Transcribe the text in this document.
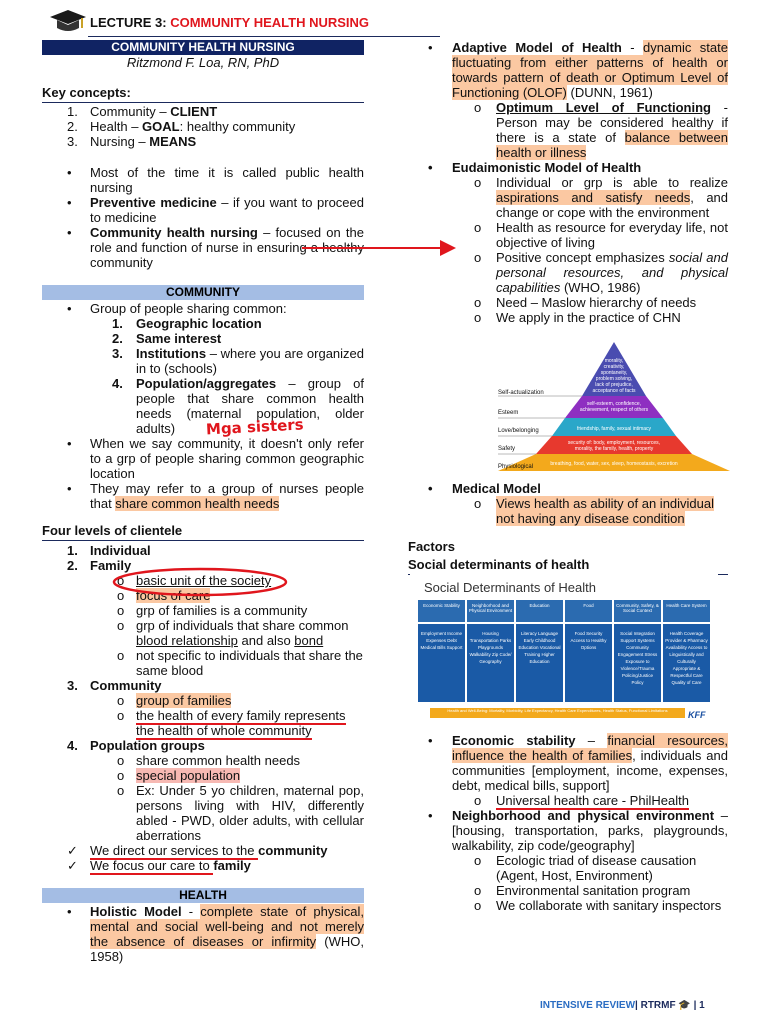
LECTURE 3: COMMUNITY HEALTH NURSING
COMMUNITY HEALTH NURSING
Ritzmond F. Loa, RN, PhD
Key concepts:
1. Community – CLIENT
2. Health – GOAL: healthy community
3. Nursing – MEANS
• Most of the time it is called public health nursing
• Preventive medicine – if you want to proceed to medicine
• Community health nursing – focused on the role and function of nurse in ensuring a healthy community
COMMUNITY
• Group of people sharing common:
1. Geographic location
2. Same interest
3. Institutions – where you are organized in to (schools)
4. Population/aggregates – group of people that share common health needs (maternal population, older adults)
• When we say community, it doesn't only refer to a grp of people sharing common geographic location
• They may refer to a group of nurses people that share common health needs
Four levels of clientele
1. Individual
2. Family
o basic unit of the society
o focus of care
o grp of families is a community
o grp of individuals that share common blood relationship and also bond
o not specific to individuals that share the same blood
3. Community
o group of families
o the health of every family represents the health of whole community
4. Population groups
o share common health needs
o special population
o Ex: Under 5 yo children, maternal pop, persons living with HIV, differently abled - PWD, older adults, with cellular aberrations
✓ We direct our services to the community
✓ We focus our care to family
HEALTH
• Holistic Model - complete state of physical, mental and social well-being and not merely the absence of diseases or infirmity (WHO, 1958)
Mga sisters
• Adaptive Model of Health - dynamic state fluctuating from either patterns of health or towards pattern of death or Optimum Level of Functioning (OLOF) (DUNN, 1961)
o Optimum Level of Functioning - Person may be considered healthy if there is a state of balance between health or illness
• Eudaimonistic Model of Health
o Individual or grp is able to realize aspirations and satisfy needs, and change or cope with the environment
o Health as resource for everyday life, not objective of living
o Positive concept emphasizes social and personal resources, and physical capabilities (WHO, 1986)
o Need – Maslow hierarchy of needs
o We apply in the practice of CHN
morality,
creativity,
spontaneity,
problem solving,
lack of prejudice,
acceptance of facts
self-esteem, confidence,
achievement, respect of others
friendship, family, sexual intimacy
security of: body, employment, resources,
morality, the family, health, property
breathing, food, water, sex, sleep, homeostasis, excretion
Self-actualization
Esteem
Love/belonging
Safety
Physiological
• Medical Model
o Views health as ability of an individual not having any disease condition
Factors
Social determinants of health
Social Determinants of Health
Economic Stability
Employment Income Expenses Debt Medical Bills Support
Neighborhood and Physical Environment
Housing Transportation Parks Playgrounds Walkability Zip Code/ Geography
Education
Literacy Language Early Childhood Education Vocational Training Higher Education
Food
Food Security Access to Healthy Options
Community, Safety, & Social Context
Social Integration Support Systems Community Engagement Stress Exposure to Violence/Trauma Policing/Justice Policy
Health Care System
Health Coverage Provider & Pharmacy Availability Access to Linguistically and Culturally Appropriate & Respectful Care Quality of Care
Health and Well-Being: Mortality, Morbidity, Life Expectancy, Health Care Expenditures, Health Status, Functional Limitations	KFF
• Economic stability – financial resources, influence the health of families, individuals and communities [employment, income, expenses, debt, medical bills, support]
o Universal health care - PhilHealth
• Neighborhood and physical environment – [housing, transportation, parks, playgrounds, walkability, zip code/geography]
o Ecologic triad of disease causation (Agent, Host, Environment)
o Environmental sanitation program
o We collaborate with sanitary inspectors
INTENSIVE REVIEW| RTRMF 🎓 | 1
